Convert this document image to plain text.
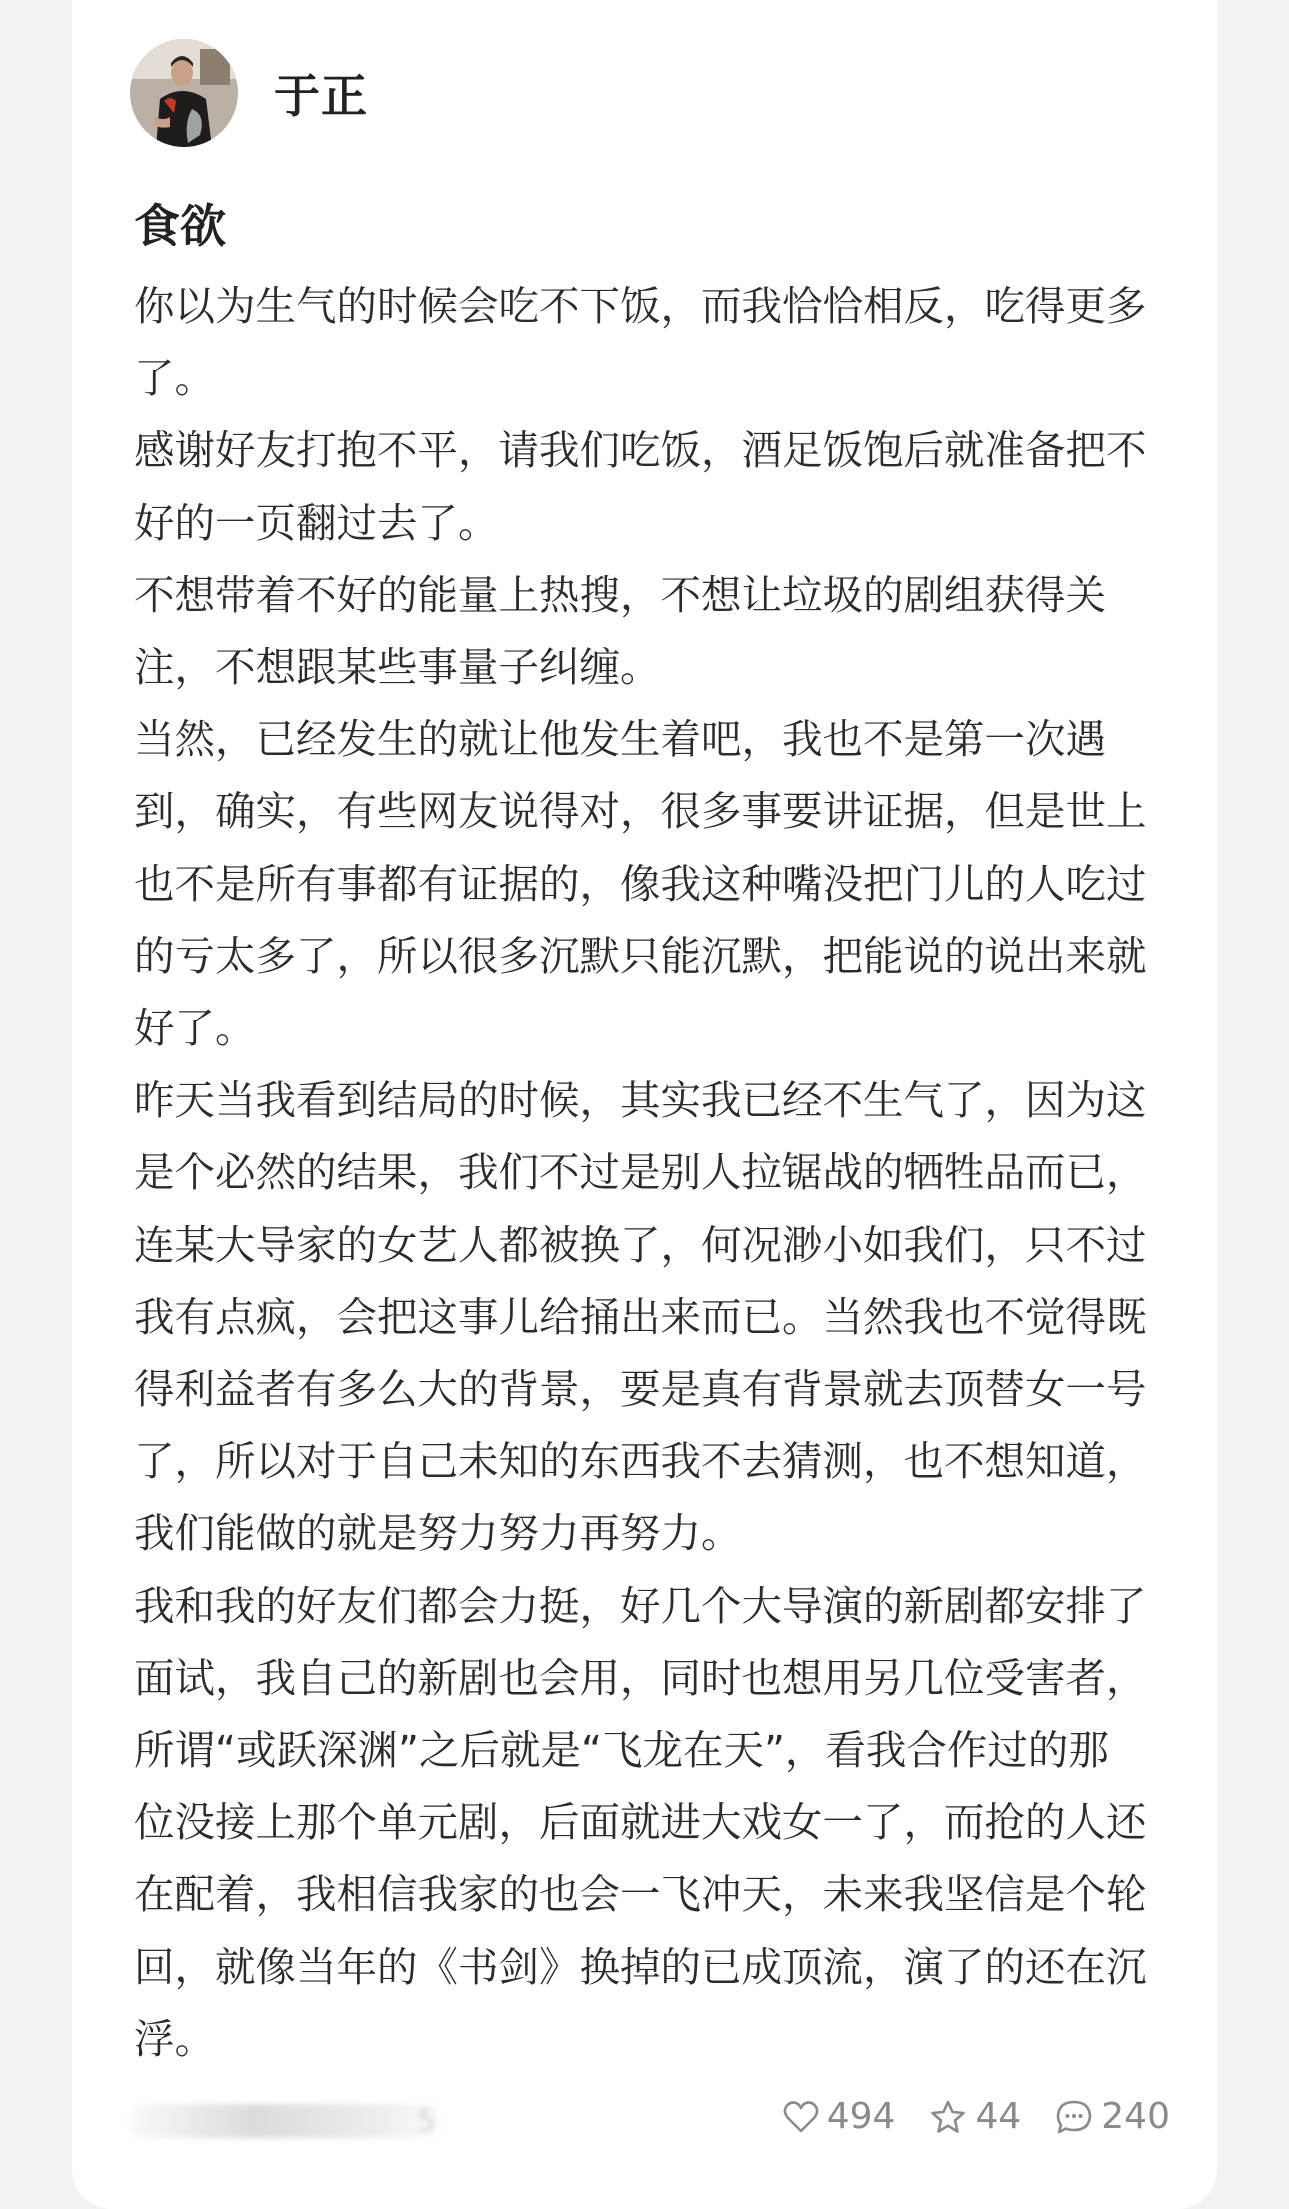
于正
食欲

你以为生气的时候会吃不下饭，而我恰恰相反，吃得更多了。

感谢好友打抱不平，请我们吃饭，酒足饭饱后就准备把不好的一页翻过去了。

不想带着不好的能量上热搜，不想让垃圾的剧组获得关注，不想跟某些事量子纠缠。

当然，已经发生的就让他发生着吧，我也不是第一次遇到，确实，有些网友说得对，很多事要讲证据，但是世上也不是所有事都有证据的，像我这种嘴没把门儿的人吃过的亏太多了，所以很多沉默只能沉默，把能说的说出来就好了。

昨天当我看到结局的时候，其实我已经不生气了，因为这是个必然的结果，我们不过是别人拉锯战的牺牲品而已，连某大导家的女艺人都被换了，何况渺小如我们，只不过我有点疯，会把这事儿给捅出来而已。当然我也不觉得既得利益者有多么大的背景，要是真有背景就去顶替女一号了，所以对于自己未知的东西我不去猜测，也不想知道，我们能做的就是努力努力再努力。

我和我的好友们都会力挺，好几个大导演的新剧都安排了面试，我自己的新剧也会用，同时也想用另几位受害者，所谓“或跃深渊”之后就是“飞龙在天”，看我合作过的那位没接上那个单元剧，后面就进大戏女一了，而抢的人还在配着，我相信我家的也会一飞冲天，未来我坚信是个轮回，就像当年的《书剑》换掉的已成顶流，演了的还在沉浮。

5	494 44 240
